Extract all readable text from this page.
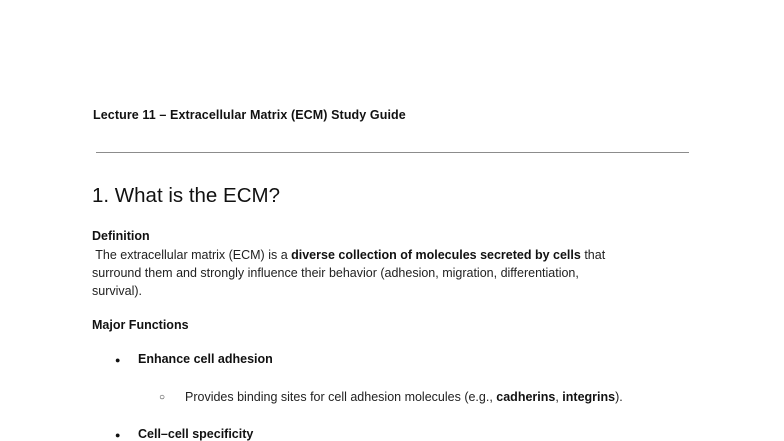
Lecture 11 – Extracellular Matrix (ECM) Study Guide
1. What is the ECM?
Definition
The extracellular matrix (ECM) is a diverse collection of molecules secreted by cells that
surround them and strongly influence their behavior (adhesion, migration, differentiation,
survival).
Major Functions
● Enhance cell adhesion
○ Provides binding sites for cell adhesion molecules (e.g., cadherins, integrins).
● Cell–cell specificity
